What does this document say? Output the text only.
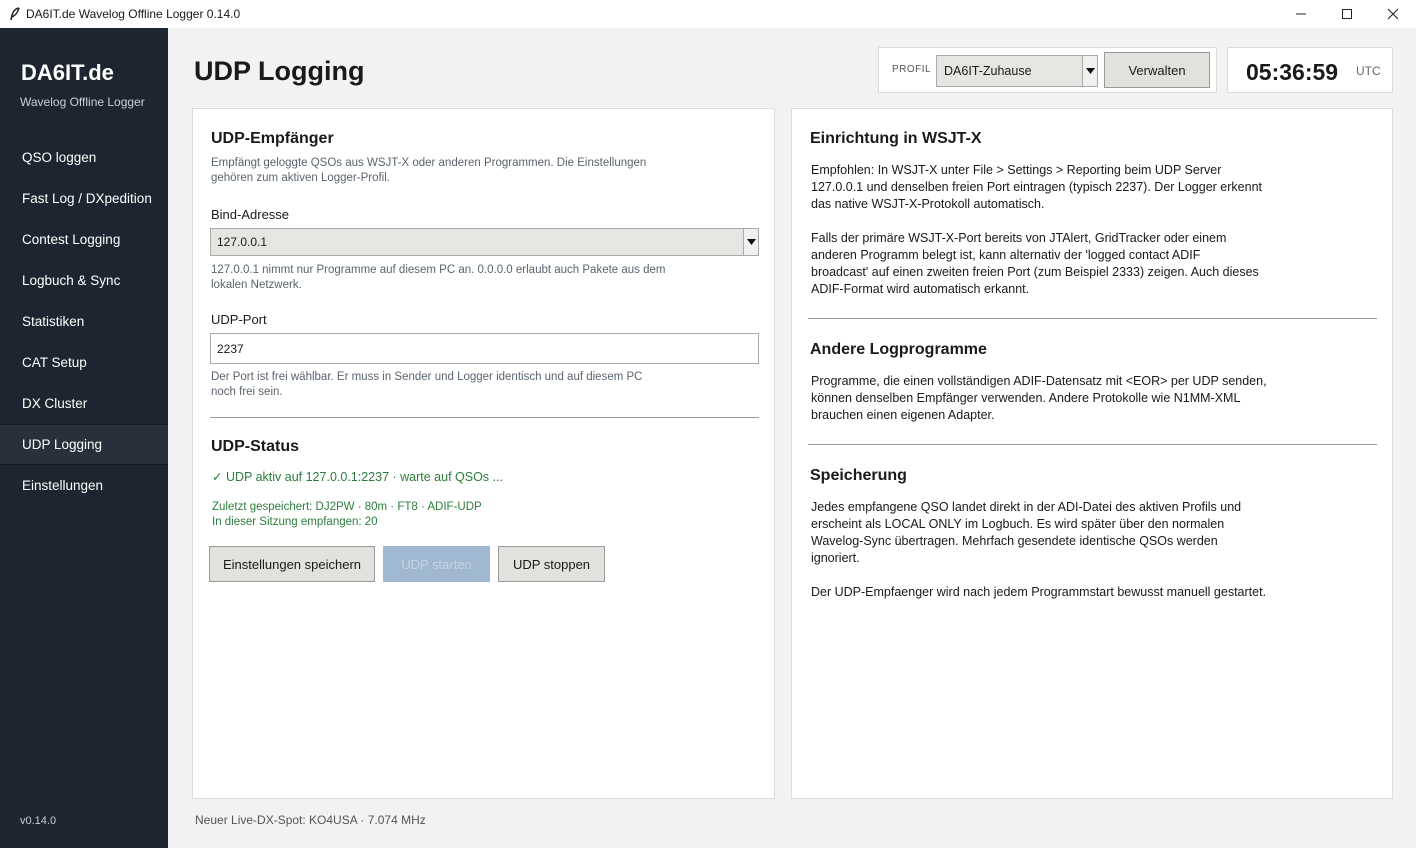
DA6IT.de Wavelog Offline Logger 0.14.0
DA6IT.de
Wavelog Offline Logger
QSO loggen
Fast Log / DXpedition
Contest Logging
Logbuch & Sync
Statistiken
CAT Setup
DX Cluster
UDP Logging
Einstellungen
v0.14.0
UDP Logging	PROFIL DA6IT-Zuhause	Verwalten	05:36:59 UTC
UDP-Empfänger
Empfängt geloggte QSOs aus WSJT-X oder anderen Programmen. Die Einstellungen
gehören zum aktiven Logger-Profil.
Bind-Adresse
127.0.0.1
127.0.0.1 nimmt nur Programme auf diesem PC an. 0.0.0.0 erlaubt auch Pakete aus dem
lokalen Netzwerk.
UDP-Port
2237
Der Port ist frei wählbar. Er muss in Sender und Logger identisch und auf diesem PC
noch frei sein.
UDP-Status
✓ UDP aktiv auf 127.0.0.1:2237 · warte auf QSOs ...
Zuletzt gespeichert: DJ2PW · 80m · FT8 · ADIF-UDP
In dieser Sitzung empfangen: 20
Einstellungen speichern	UDP starten	UDP stoppen
Einrichtung in WSJT-X
Empfohlen: In WSJT-X unter File > Settings > Reporting beim UDP Server
127.0.0.1 und denselben freien Port eintragen (typisch 2237). Der Logger erkennt
das native WSJT-X-Protokoll automatisch.
Falls der primäre WSJT-X-Port bereits von JTAlert, GridTracker oder einem
anderen Programm belegt ist, kann alternativ der 'logged contact ADIF
broadcast' auf einen zweiten freien Port (zum Beispiel 2333) zeigen. Auch dieses
ADIF-Format wird automatisch erkannt.
Andere Logprogramme
Programme, die einen vollständigen ADIF-Datensatz mit <EOR> per UDP senden,
können denselben Empfänger verwenden. Andere Protokolle wie N1MM-XML
brauchen einen eigenen Adapter.
Speicherung
Jedes empfangene QSO landet direkt in der ADI-Datei des aktiven Profils und
erscheint als LOCAL ONLY im Logbuch. Es wird später über den normalen
Wavelog-Sync übertragen. Mehrfach gesendete identische QSOs werden
ignoriert.
Der UDP-Empfaenger wird nach jedem Programmstart bewusst manuell gestartet.
Neuer Live-DX-Spot: KO4USA · 7.074 MHz
